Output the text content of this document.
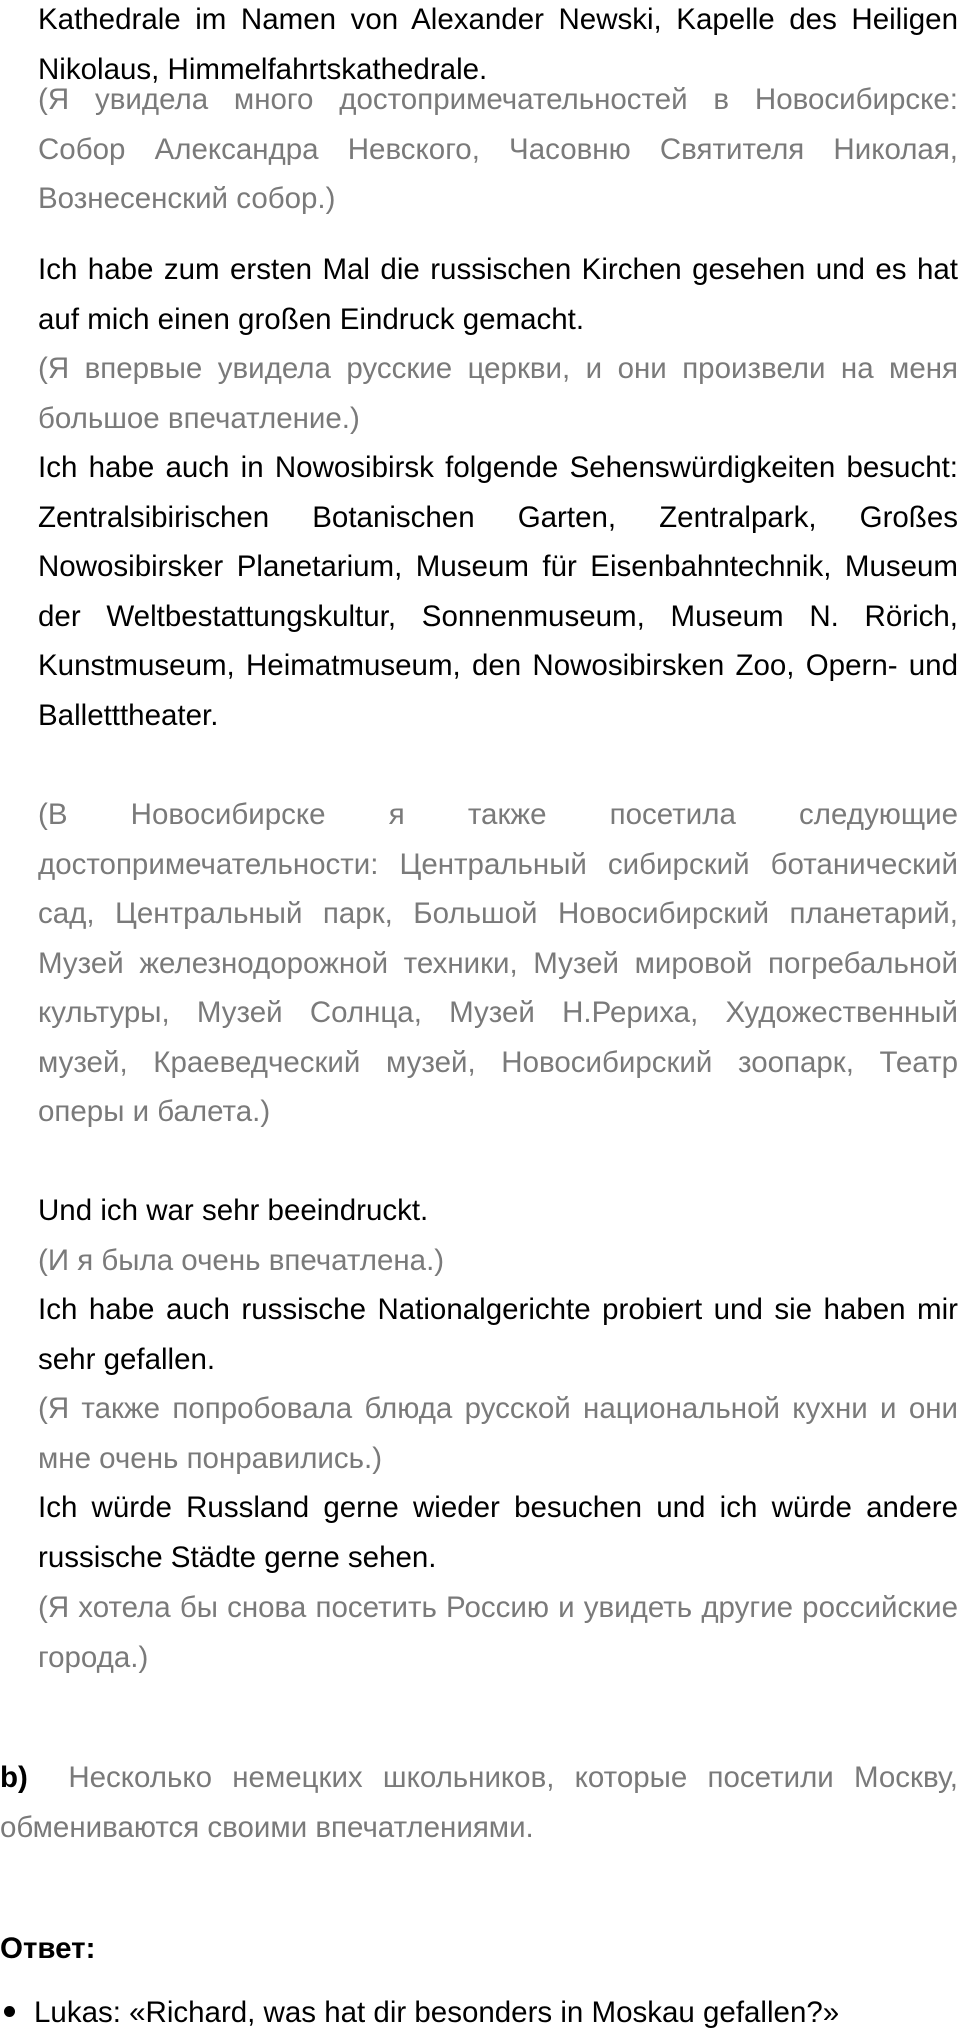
Kathedrale im Namen von Alexander Newski, Kapelle des Heiligen Nikolaus, Himmelfahrtskathedrale.

(Я увидела много достопримечательностей в Новосибирске: Собор Александра Невского, Часовню Святителя Николая, Вознесенский собор.)

Ich habe zum ersten Mal die russischen Kirchen gesehen und es hat auf mich einen großen Eindruck gemacht.

(Я впервые увидела русские церкви, и они произвели на меня большое впечатление.)

Ich habe auch in Nowosibirsk folgende Sehenswürdigkeiten besucht: Zentralsibirischen Botanischen Garten, Zentralpark, Großes Nowosibirsker Planetarium, Museum für Eisenbahntechnik, Museum der Weltbestattungskultur, Sonnenmuseum, Museum N. Rörich, Kunstmuseum, Heimatmuseum, den Nowosibirsken Zoo, Opern- und Balletttheater.

(В Новосибирске я также посетила следующие достопримечательности: Центральный сибирский ботанический сад, Центральный парк, Большой Новосибирский планетарий, Музей железнодорожной техники, Музей мировой погребальной культуры, Музей Солнца, Музей Н.Рериха, Художественный музей, Краеведческий музей, Новосибирский зоопарк, Театр оперы и балета.)

Und ich war sehr beeindruckt.

(И я была очень впечатлена.)

Ich habe auch russische Nationalgerichte probiert und sie haben mir sehr gefallen.

(Я также попробовала блюда русской национальной кухни и они мне очень понравились.)

Ich würde Russland gerne wieder besuchen und ich würde andere russische Städte gerne sehen.

(Я хотела бы снова посетить Россию и увидеть другие российские города.)

b) Несколько немецких школьников, которые посетили Москву, обмениваются своими впечатлениями.

Ответ:

Lukas: «Richard, was hat dir besonders in Moskau gefallen?»
